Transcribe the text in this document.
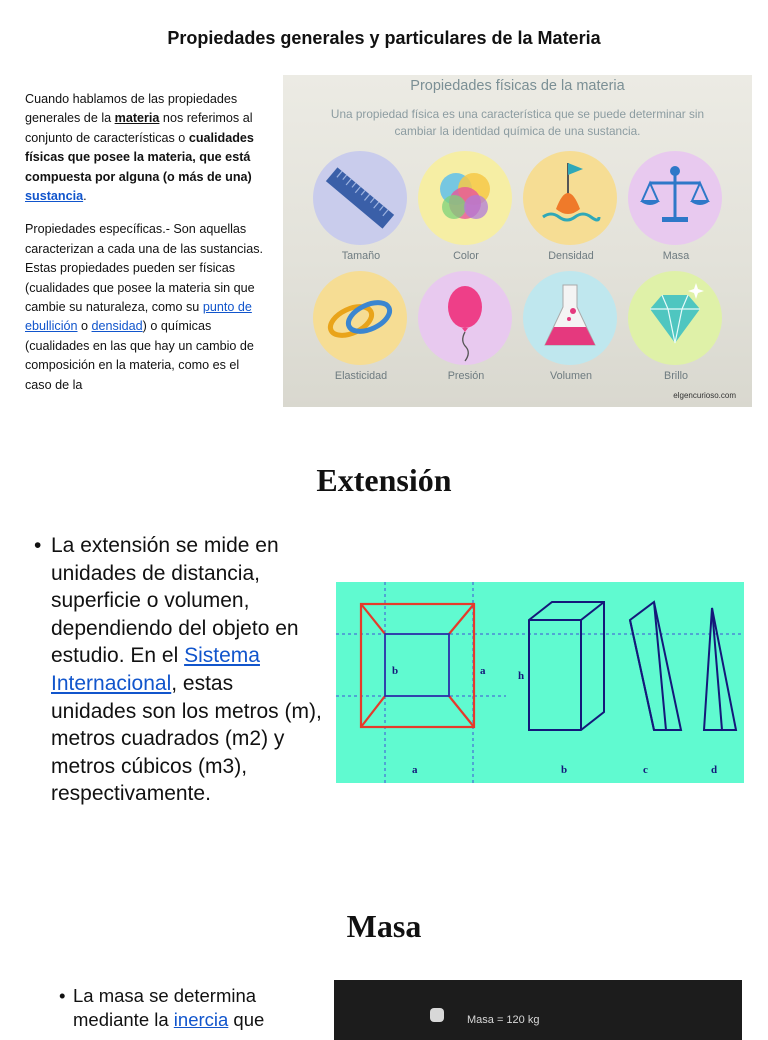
Propiedades generales y particulares de la Materia

Cuando hablamos de las propiedades generales de la materia nos referimos al conjunto de características o cualidades físicas que posee la materia, que está compuesta por alguna (o más de una) sustancia.

Propiedades específicas.- Son aquellas caracterizan a cada una de las sustancias. Estas propiedades pueden ser físicas (cualidades que posee la materia sin que cambie su naturaleza, como su punto de ebullición o densidad) o químicas (cualidades en las que hay un cambio de composición en la materia, como es el caso de la

Propiedades físicas de la materia
Una propiedad física es una característica que se puede determinar sin cambiar la identidad química de una sustancia.
Tamaño	Color	Densidad	Masa
Elasticidad	Presión	Volumen	Brillo
elgencurioso.com
Extensión
• La extensión se mide en unidades de distancia, superficie o volumen, dependiendo del objeto en estudio. En el Sistema Internacional, estas unidades son los metros (m), metros cuadrados (m2) y metros cúbicos (m3), respectivamente.
b	a	h
a	b	c	d
Masa
• La masa se determina mediante la inercia que	Masa = 120 kg
